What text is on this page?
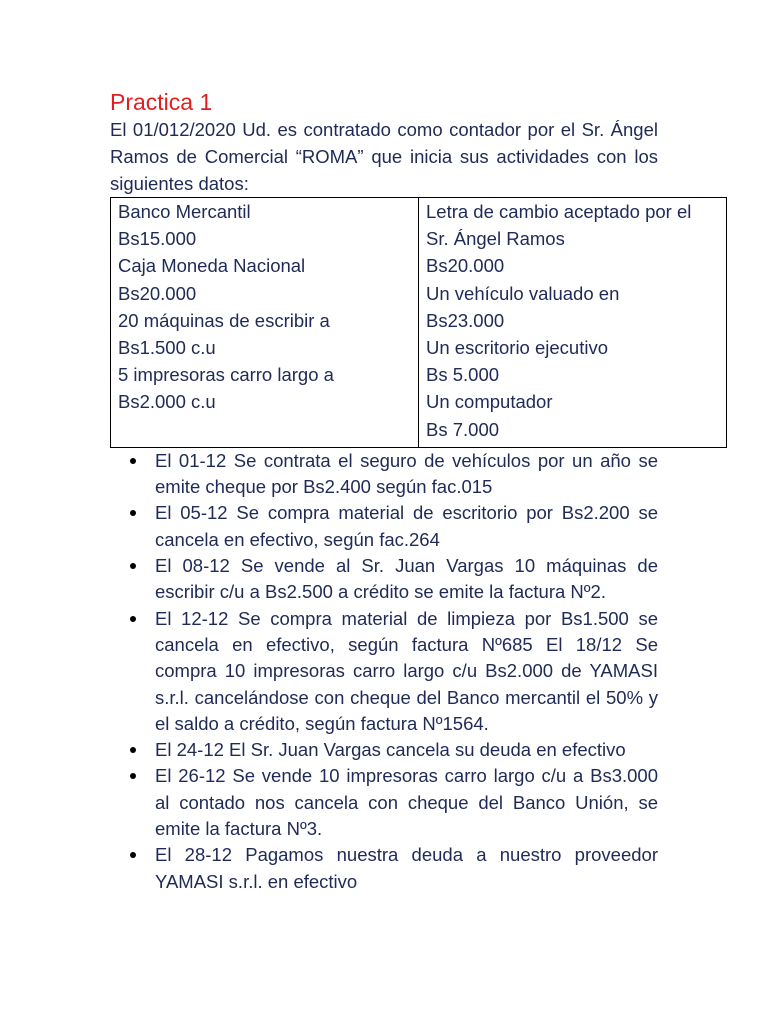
Practica 1

El 01/012/2020 Ud. es contratado como contador por el Sr. Ángel Ramos de Comercial “ROMA” que inicia sus actividades con los siguientes datos:

Banco Mercantil
Bs15.000
Caja Moneda Nacional
Bs20.000
20 máquinas de escribir a
Bs1.500 c.u
5 impresoras carro largo a
Bs2.000 c.u

Letra de cambio aceptado por el
Sr. Ángel Ramos
Bs20.000
Un vehículo valuado en
Bs23.000
Un escritorio ejecutivo
Bs 5.000
Un computador
Bs 7.000
El 01-12 Se contrata el seguro de vehículos por un año se emite cheque por Bs2.400 según fac.015
El 05-12 Se compra material de escritorio por Bs2.200 se cancela en efectivo, según fac.264
El 08-12 Se vende al Sr. Juan Vargas 10 máquinas de escribir c/u a Bs2.500 a crédito se emite la factura Nº2.
El 12-12 Se compra material de limpieza por Bs1.500 se cancela en efectivo, según factura Nº685 El 18/12 Se compra 10 impresoras carro largo c/u Bs2.000 de YAMASI s.r.l. cancelándose con cheque del Banco mercantil el 50% y el saldo a crédito, según factura Nº1564.
El 24-12 El Sr. Juan Vargas cancela su deuda en efectivo
El 26-12 Se vende 10 impresoras carro largo c/u a Bs3.000 al contado nos cancela con cheque del Banco Unión, se emite la factura Nº3.
El 28-12 Pagamos nuestra deuda a nuestro proveedor YAMASI s.r.l. en efectivo
